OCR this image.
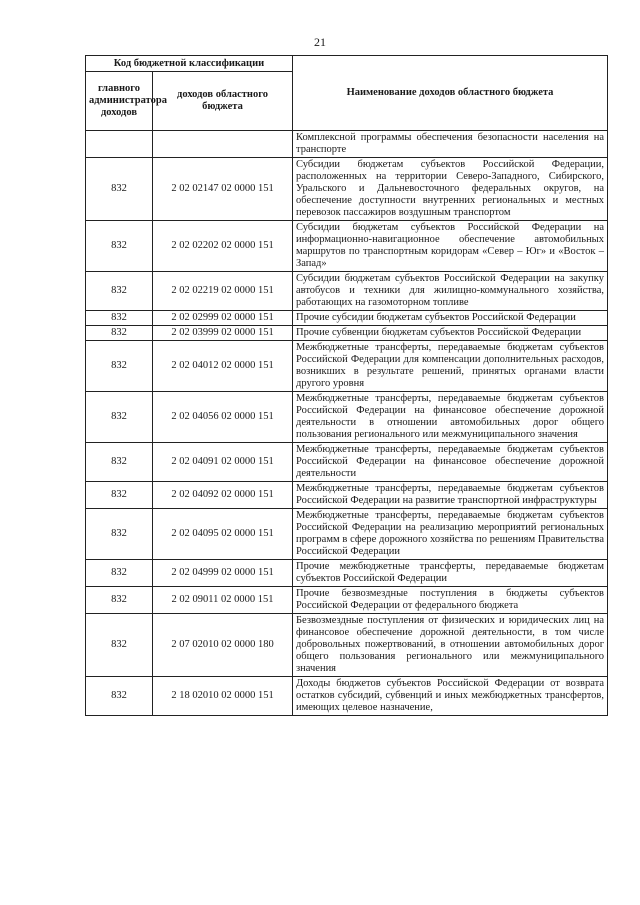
21
Код бюджетной классификации		Наименование доходов областного бюджета
главного администратора доходов	доходов областного бюджета	
		Комплексной программы обеспечения безопасности населения на транспорте
832	2 02 02147 02 0000 151	Субсидии бюджетам субъектов Российской Федерации, расположенных на территории Северо-Западного, Сибирского, Уральского и Дальневосточного федеральных округов, на обеспечение доступности внутренних региональных и местных перевозок пассажиров воздушным транспортом
832	2 02 02202 02 0000 151	Субсидии бюджетам субъектов Российской Федерации на информационно-навигационное обеспечение автомобильных маршрутов по транспортным коридорам «Север – Юг» и «Восток – Запад»
832	2 02 02219 02 0000 151	Субсидии бюджетам субъектов Российской Федерации на закупку автобусов и техники для жилищно-коммунального хозяйства, работающих на газомоторном топливе
832	2 02 02999 02 0000 151	Прочие субсидии бюджетам субъектов Российской Федерации
832	2 02 03999 02 0000 151	Прочие субвенции бюджетам субъектов Российской Федерации
832	2 02 04012 02 0000 151	Межбюджетные трансферты, передаваемые бюджетам субъектов Российской Федерации для компенсации дополнительных расходов, возникших в результате решений, принятых органами власти другого уровня
832	2 02 04056 02 0000 151	Межбюджетные трансферты, передаваемые бюджетам субъектов Российской Федерации на финансовое обеспечение дорожной деятельности в отношении автомобильных дорог общего пользования регионального или межмуниципального значения
832	2 02 04091 02 0000 151	Межбюджетные трансферты, передаваемые бюджетам субъектов Российской Федерации на финансовое обеспечение дорожной деятельности
832	2 02 04092 02 0000 151	Межбюджетные трансферты, передаваемые бюджетам субъектов Российской Федерации на развитие транспортной инфраструктуры
832	2 02 04095 02 0000 151	Межбюджетные трансферты, передаваемые бюджетам субъектов Российской Федерации на реализацию мероприятий региональных программ в сфере дорожного хозяйства по решениям Правительства Российской Федерации
832	2 02 04999 02 0000 151	Прочие межбюджетные трансферты, передаваемые бюджетам субъектов Российской Федерации
832	2 02 09011 02 0000 151	Прочие безвозмездные поступления в бюджеты субъектов Российской Федерации от федерального бюджета
832	2 07 02010 02 0000 180	Безвозмездные поступления от физических и юридических лиц на финансовое обеспечение дорожной деятельности, в том числе добровольных пожертвований, в отношении автомобильных дорог общего пользования регионального или межмуниципального значения
832	2 18 02010 02 0000 151	Доходы бюджетов субъектов Российской Федерации от возврата остатков субсидий, субвенций и иных межбюджетных трансфертов, имеющих целевое назначение,
